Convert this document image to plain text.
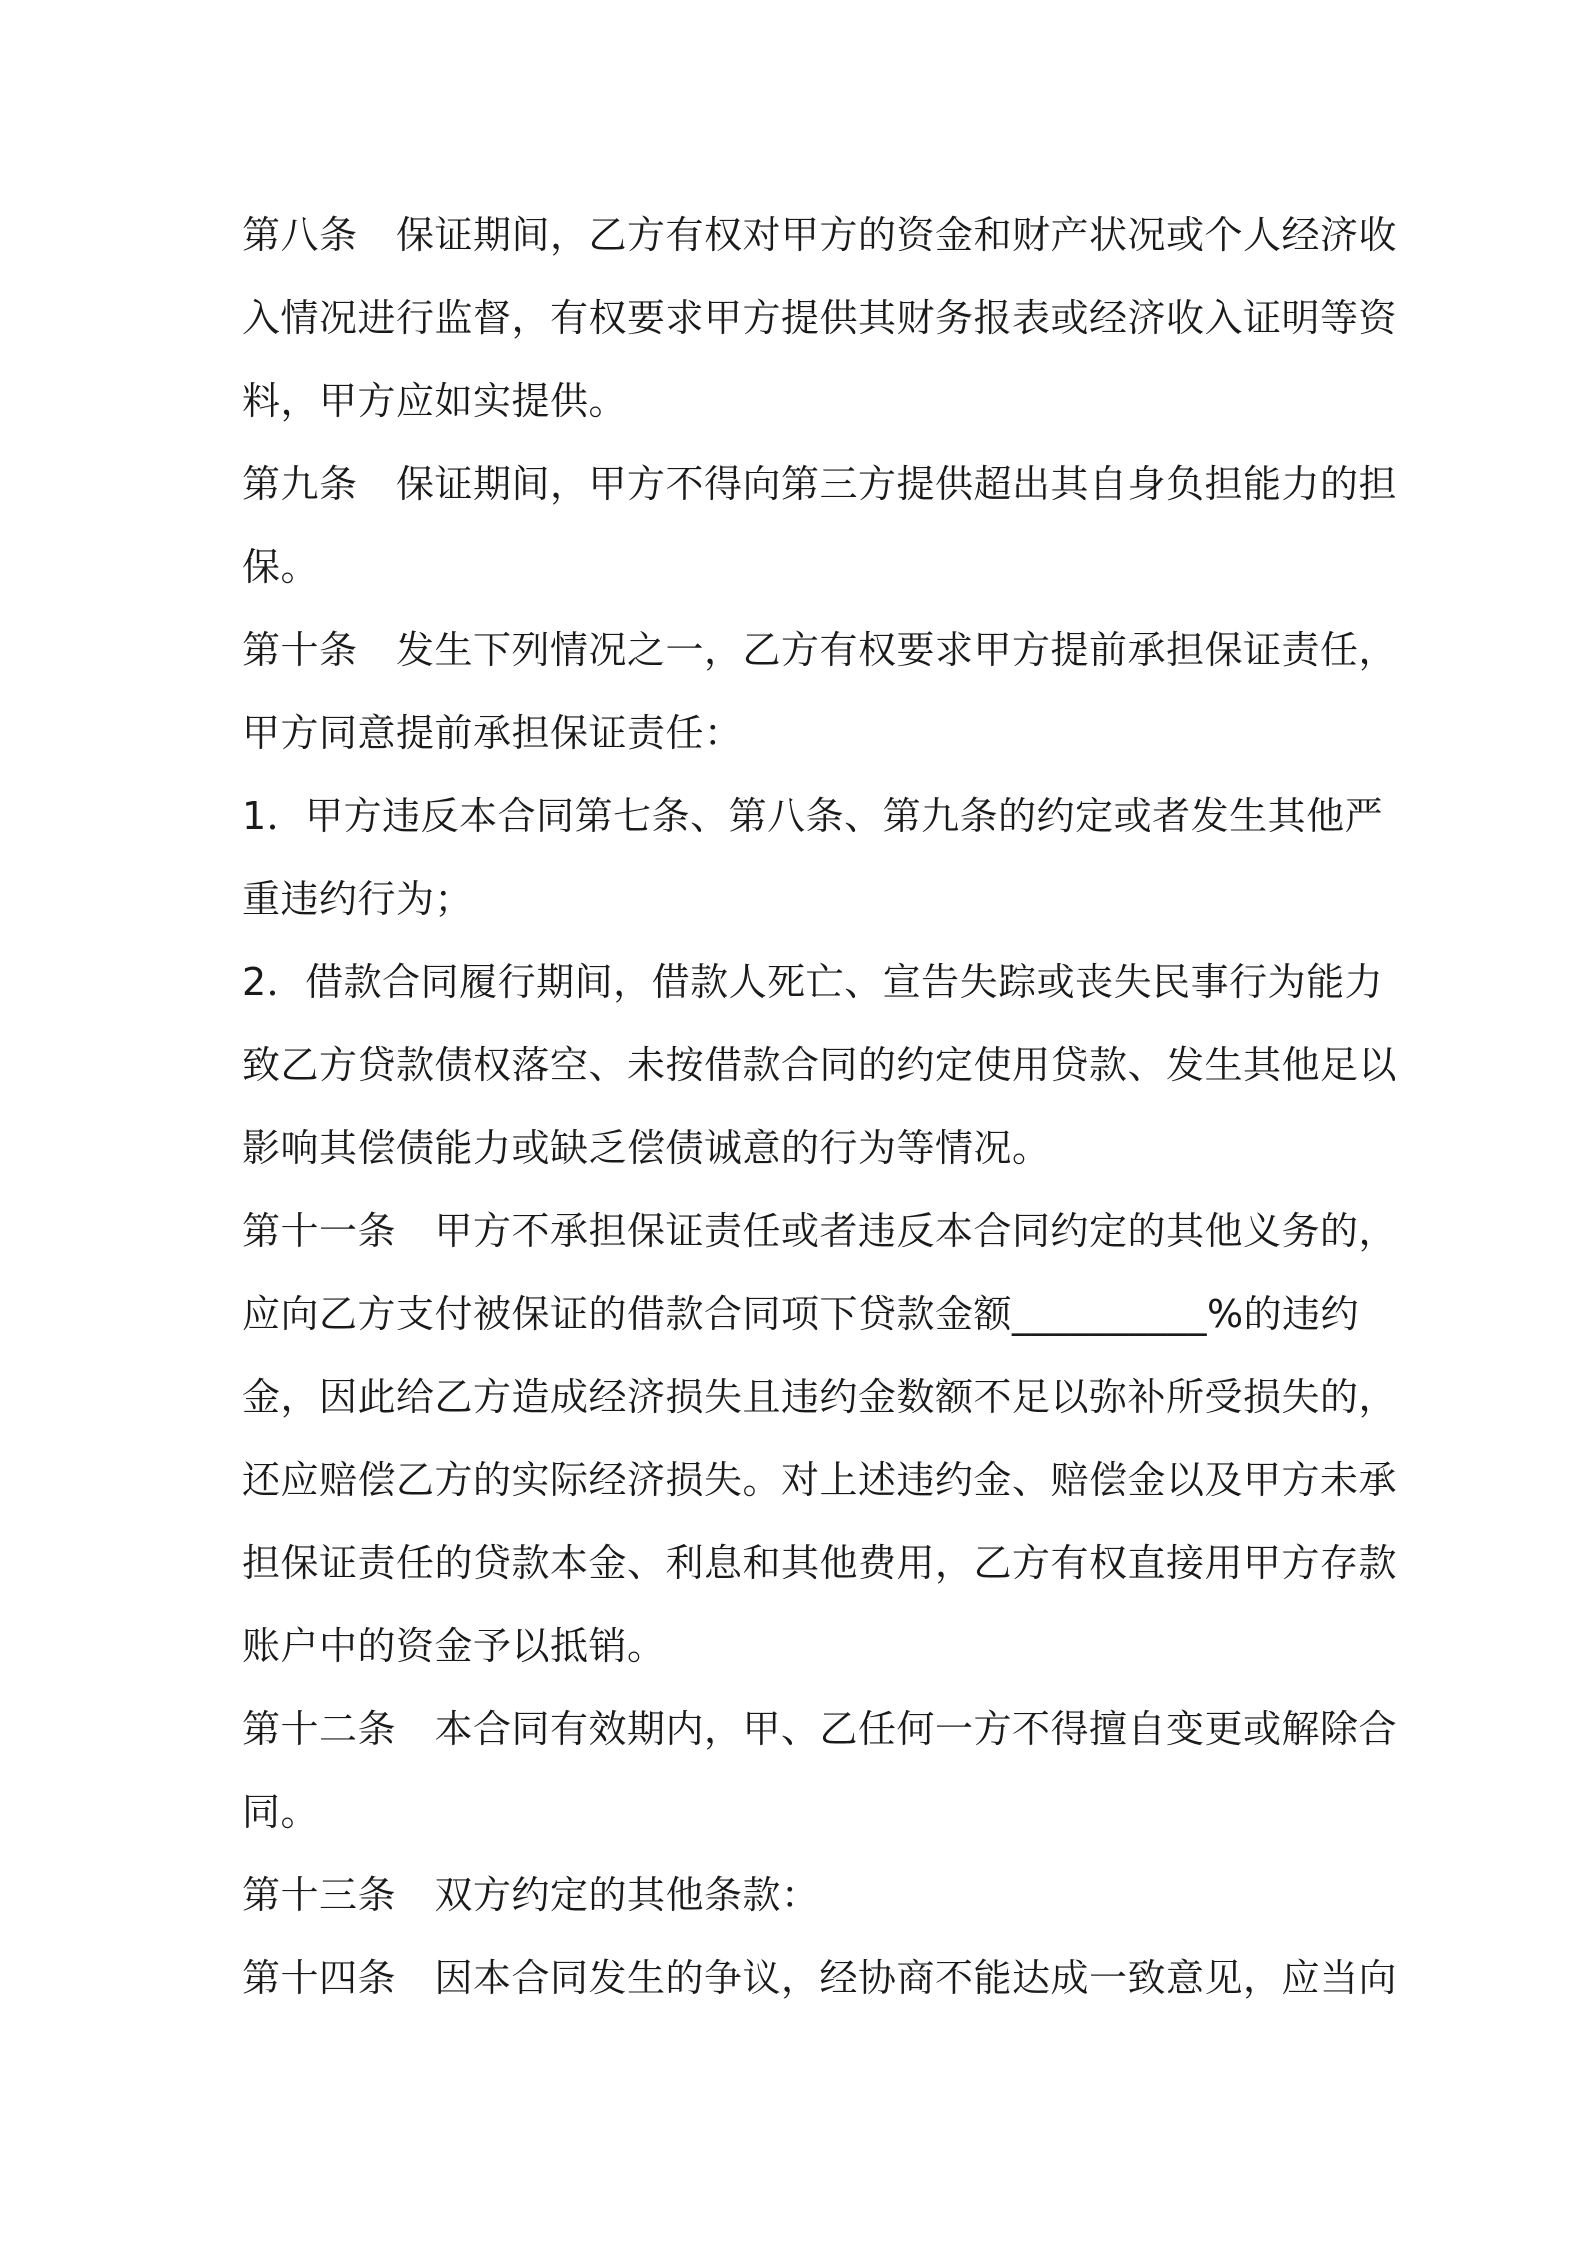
第八条　保证期间，乙方有权对甲方的资金和财产状况或个人经济收
入情况进行监督，有权要求甲方提供其财务报表或经济收入证明等资
料，甲方应如实提供。
第九条　保证期间，甲方不得向第三方提供超出其自身负担能力的担
保。
第十条　发生下列情况之一，乙方有权要求甲方提前承担保证责任，
甲方同意提前承担保证责任：
1．甲方违反本合同第七条、第八条、第九条的约定或者发生其他严
重违约行为；
2．借款合同履行期间，借款人死亡、宣告失踪或丧失民事行为能力
致乙方贷款债权落空、未按借款合同的约定使用贷款、发生其他足以
影响其偿债能力或缺乏偿债诚意的行为等情况。
第十一条　甲方不承担保证责任或者违反本合同约定的其他义务的，
应向乙方支付被保证的借款合同项下贷款金额__________%的违约
金，因此给乙方造成经济损失且违约金数额不足以弥补所受损失的，
还应赔偿乙方的实际经济损失。对上述违约金、赔偿金以及甲方未承
担保证责任的贷款本金、利息和其他费用，乙方有权直接用甲方存款
账户中的资金予以抵销。
第十二条　本合同有效期内，甲、乙任何一方不得擅自变更或解除合
同。
第十三条　双方约定的其他条款：
第十四条　因本合同发生的争议，经协商不能达成一致意见，应当向
